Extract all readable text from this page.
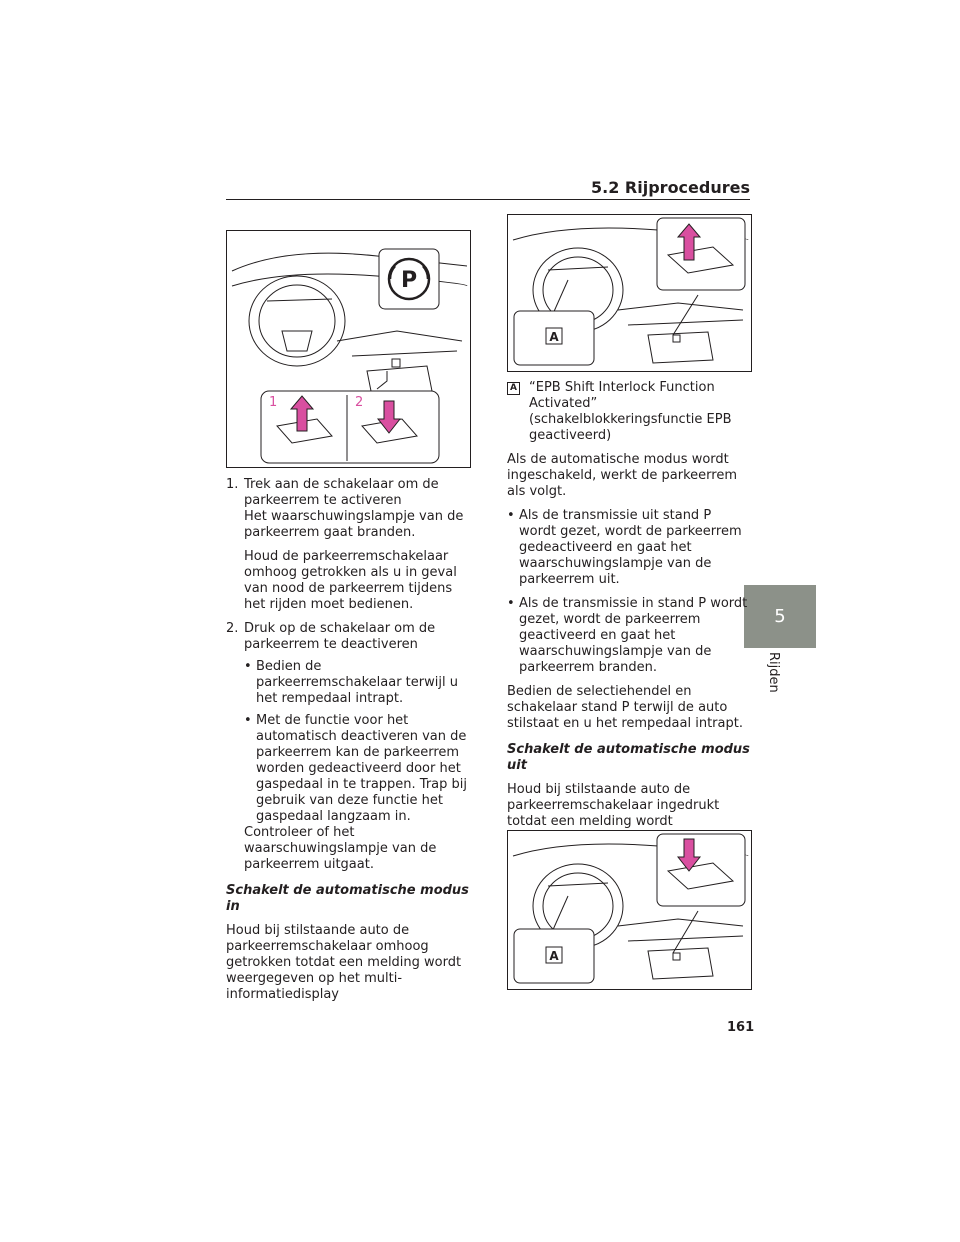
5.2 Rijprocedures
5
Rijden
P
1	2
1. Trek aan de schakelaar om de parkeerrem te activeren

Het waarschuwingslampje van de parkeerrem gaat branden.

Houd de parkeerremschakelaar omhoog getrokken als u in geval van nood de parkeerrem tijdens het rijden moet bedienen.

2. Druk op de schakelaar om de parkeerrem te deactiveren
• Bedien de parkeerremschakelaar terwijl u het rempedaal intrapt.
• Met de functie voor het automatisch deactiveren van de parkeerrem kan de parkeerrem worden gedeactiveerd door het gaspedaal in te trappen. Trap bij gebruik van deze functie het gaspedaal langzaam in.

Controleer of het waarschuwingslampje van de parkeerrem uitgaat.

Schakelt de automatische modus in

Houd bij stilstaande auto de parkeerremschakelaar omhoog getrokken totdat een melding wordt weergegeven op het multi-informatiedisplay

A
A “EPB Shift Interlock Function Activated” (schakelblokkeringsfunctie EPB geactiveerd)

Als de automatische modus wordt ingeschakeld, werkt de parkeerrem als volgt.

• Als de transmissie uit stand P wordt gezet, wordt de parkeerrem gedeactiveerd en gaat het waarschuwingslampje van de parkeerrem uit.
• Als de transmissie in stand P wordt gezet, wordt de parkeerrem geactiveerd en gaat het waarschuwingslampje van de parkeerrem branden.

Bedien de selectiehendel en schakelaar stand P terwijl de auto stilstaat en u het rempedaal intrapt.

Schakelt de automatische modus uit

Houd bij stilstaande auto de parkeerremschakelaar ingedrukt totdat een melding wordt

A
161
